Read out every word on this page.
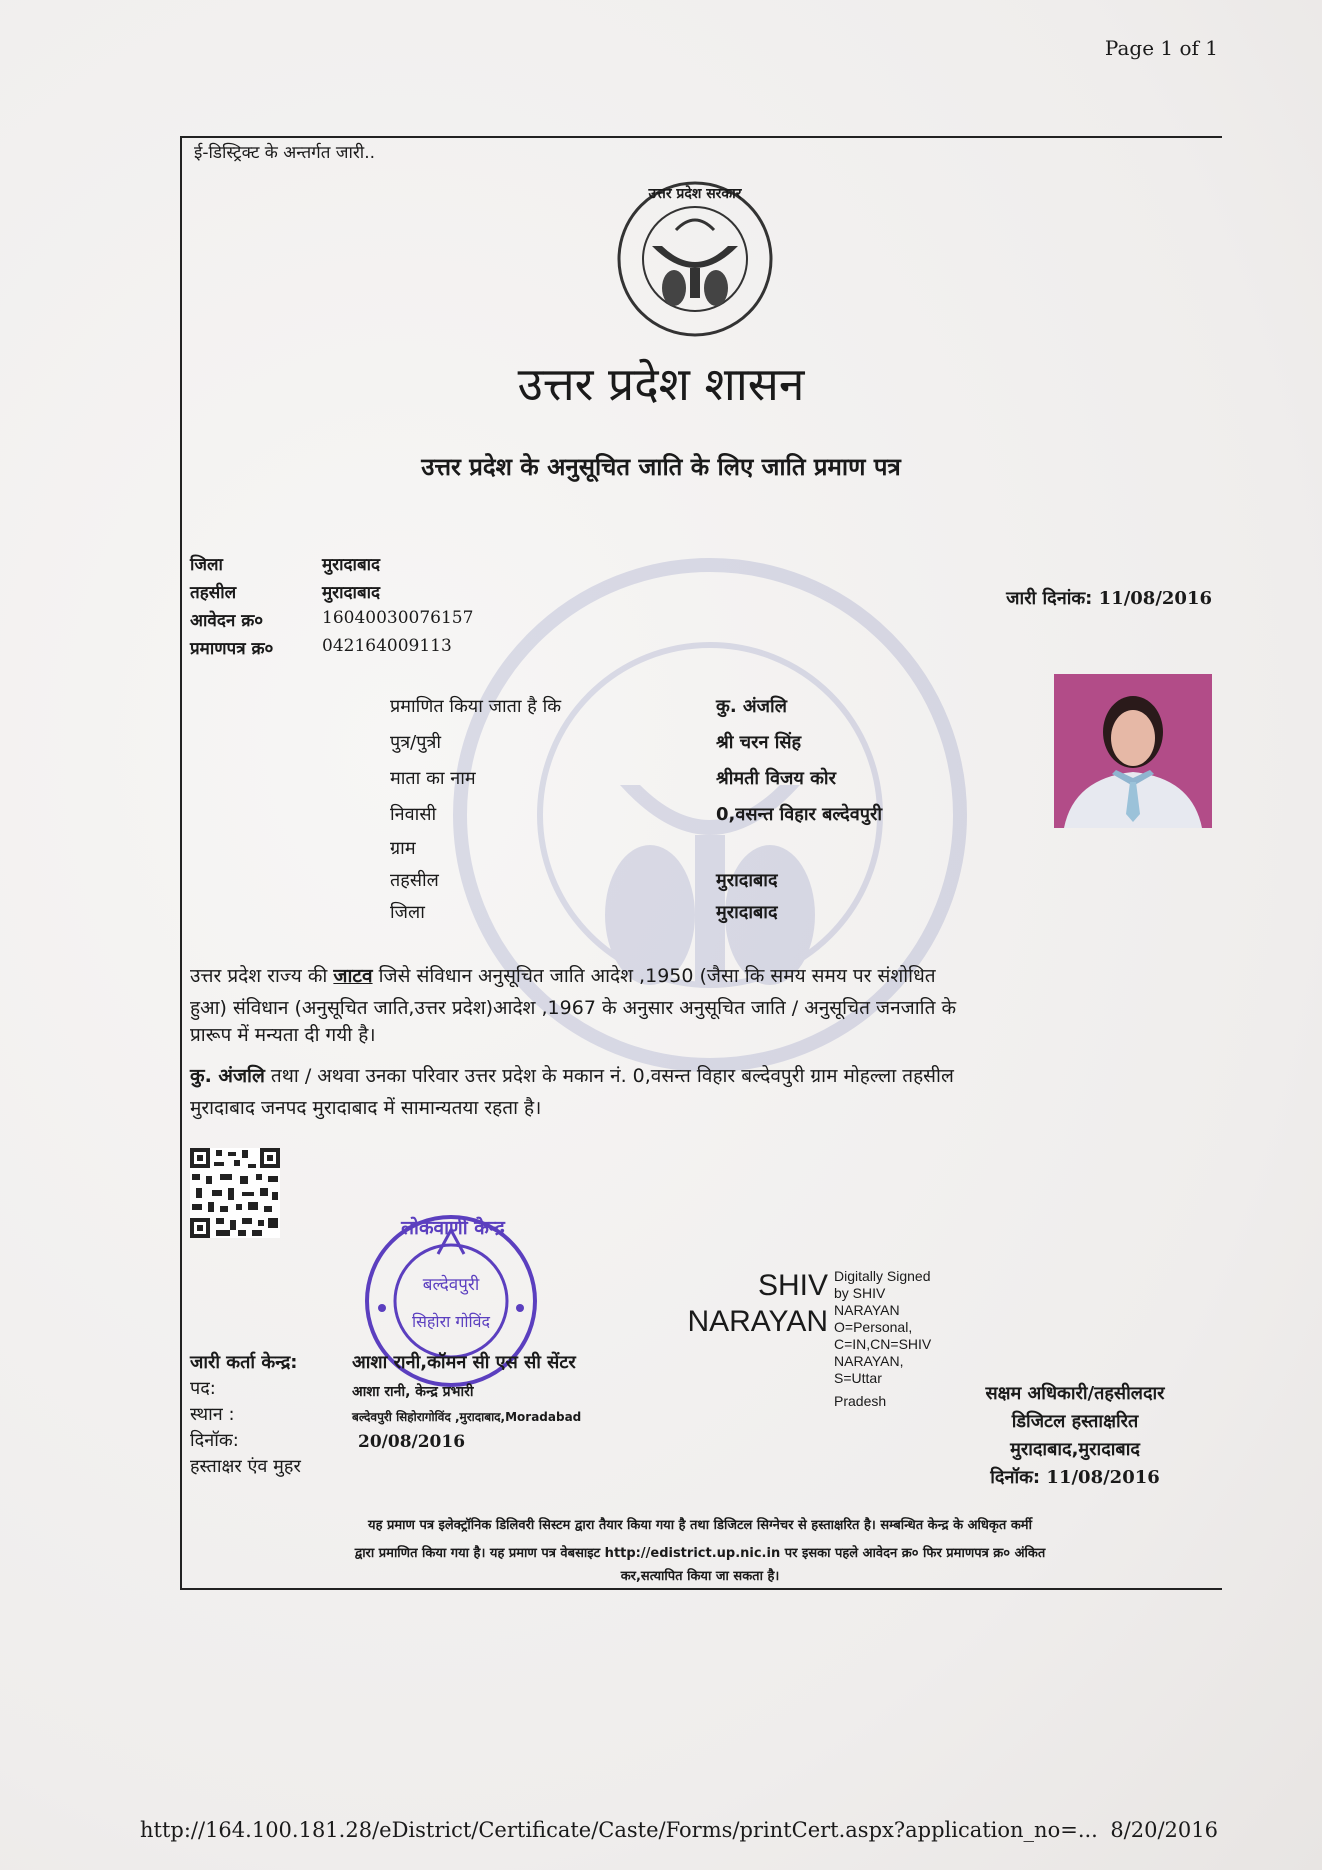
Page 1 of 1
ई-डिस्ट्रिक्ट के अन्तर्गत जारी..
उत्तर प्रदेश सरकार
उत्तर प्रदेश शासन
उत्तर प्रदेश के अनुसूचित जाति के लिए जाति प्रमाण पत्र
जिला	मुरादाबाद
तहसील	मुरादाबाद
आवेदन क्र०	16040030076157
प्रमाणपत्र क्र०	042164009113
जारी दिनांक: 11/08/2016
प्रमाणित किया जाता है कि	कु. अंजलि
पुत्र/पुत्री	श्री चरन सिंह
माता का नाम	श्रीमती विजय कोर
निवासी	0,वसन्त विहार बल्देवपुरी
ग्राम
तहसील	मुरादाबाद
जिला	मुरादाबाद
उत्तर प्रदेश राज्य की जाटव जिसे संविधान अनुसूचित जाति आदेश ,1950 (जैसा कि समय समय पर संशोधित
हुआ) संविधान (अनुसूचित जाति,उत्तर प्रदेश)आदेश ,1967 के अनुसार अनुसूचित जाति / अनुसूचित जनजाति के
प्रारूप में मन्यता दी गयी है।
कु. अंजलि तथा / अथवा उनका परिवार उत्तर प्रदेश के मकान नं. 0,वसन्त विहार बल्देवपुरी ग्राम मोहल्ला तहसील
मुरादाबाद जनपद मुरादाबाद में सामान्यतया रहता है।
लोकवाणी केन्द्र
बल्देवपुरी
सिहोरा गोविंद
SHIV
NARAYAN
Digitally Signed
by SHIV
NARAYAN
O=Personal,
C=IN,CN=SHIV
NARAYAN,
S=Uttar
Pradesh
जारी कर्ता केन्द्र:	आशा रानी,कॉमन सी एस सी सेंटर
पद:	आशा रानी, केन्द्र प्रभारी
स्थान :	बल्देवपुरी सिहोरागोविंद ,मुरादाबाद,Moradabad
दिनॉक:	20/08/2016
हस्ताक्षर एंव मुहर
सक्षम अधिकारी/तहसीलदार
डिजिटल हस्ताक्षरित
मुरादाबाद,मुरादाबाद
दिनॉक: 11/08/2016
यह प्रमाण पत्र इलेक्ट्रॉनिक डिलिवरी सिस्टम द्वारा तैयार किया गया है तथा डिजिटल सिग्नेचर से हस्ताक्षरित है। सम्बन्धित केन्द्र के अधिकृत कर्मी
द्वारा प्रमाणित किया गया है। यह प्रमाण पत्र वेबसाइट http://edistrict.up.nic.in पर इसका पहले आवेदन क्र० फिर प्रमाणपत्र क्र० अंकित
कर,सत्यापित किया जा सकता है।
http://164.100.181.28/eDistrict/Certificate/Caste/Forms/printCert.aspx?application_no=... 8/20/2016
